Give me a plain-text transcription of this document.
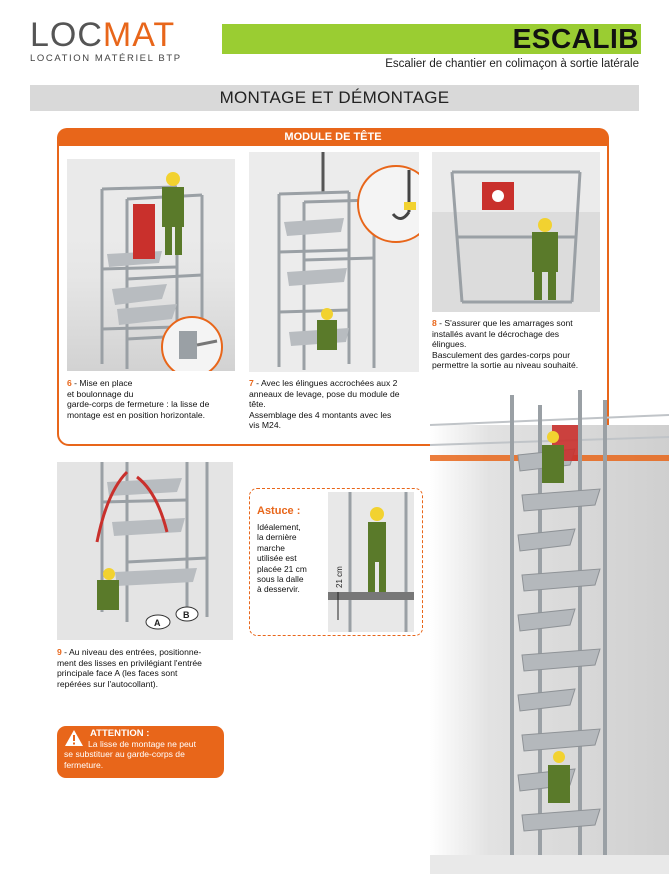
LOCMAT
LOCATION MATÉRIEL BTP
ESCALIB
Escalier de chantier en colimaçon à sortie latérale
MONTAGE ET DÉMONTAGE
MODULE DE TÊTE
6 - Mise en place
et boulonnage du
garde-corps de fermeture : la lisse de
montage est en position horizontale.
7 - Avec les élingues accrochées aux 2
anneaux de levage, pose du module de
tête.
Assemblage des 4 montants avec les
vis M24.
8 - S'assurer que les amarrages sont
installés avant le décrochage des
élingues.
Basculement des gardes-corps pour
permettre la sortie au niveau souhaité.
A
B
9 - Au niveau des entrées, positionne-
ment des lisses en privilégiant l'entrée
principale face A (les faces sont
repérées sur l'autocollant).
Astuce :
Idéalement,
la dernière
marche
utilisée est
placée 21 cm
sous la dalle
à desservir.
21 cm
ATTENTION :
La lisse de montage ne peut
se substituer au garde-corps de
fermeture.
